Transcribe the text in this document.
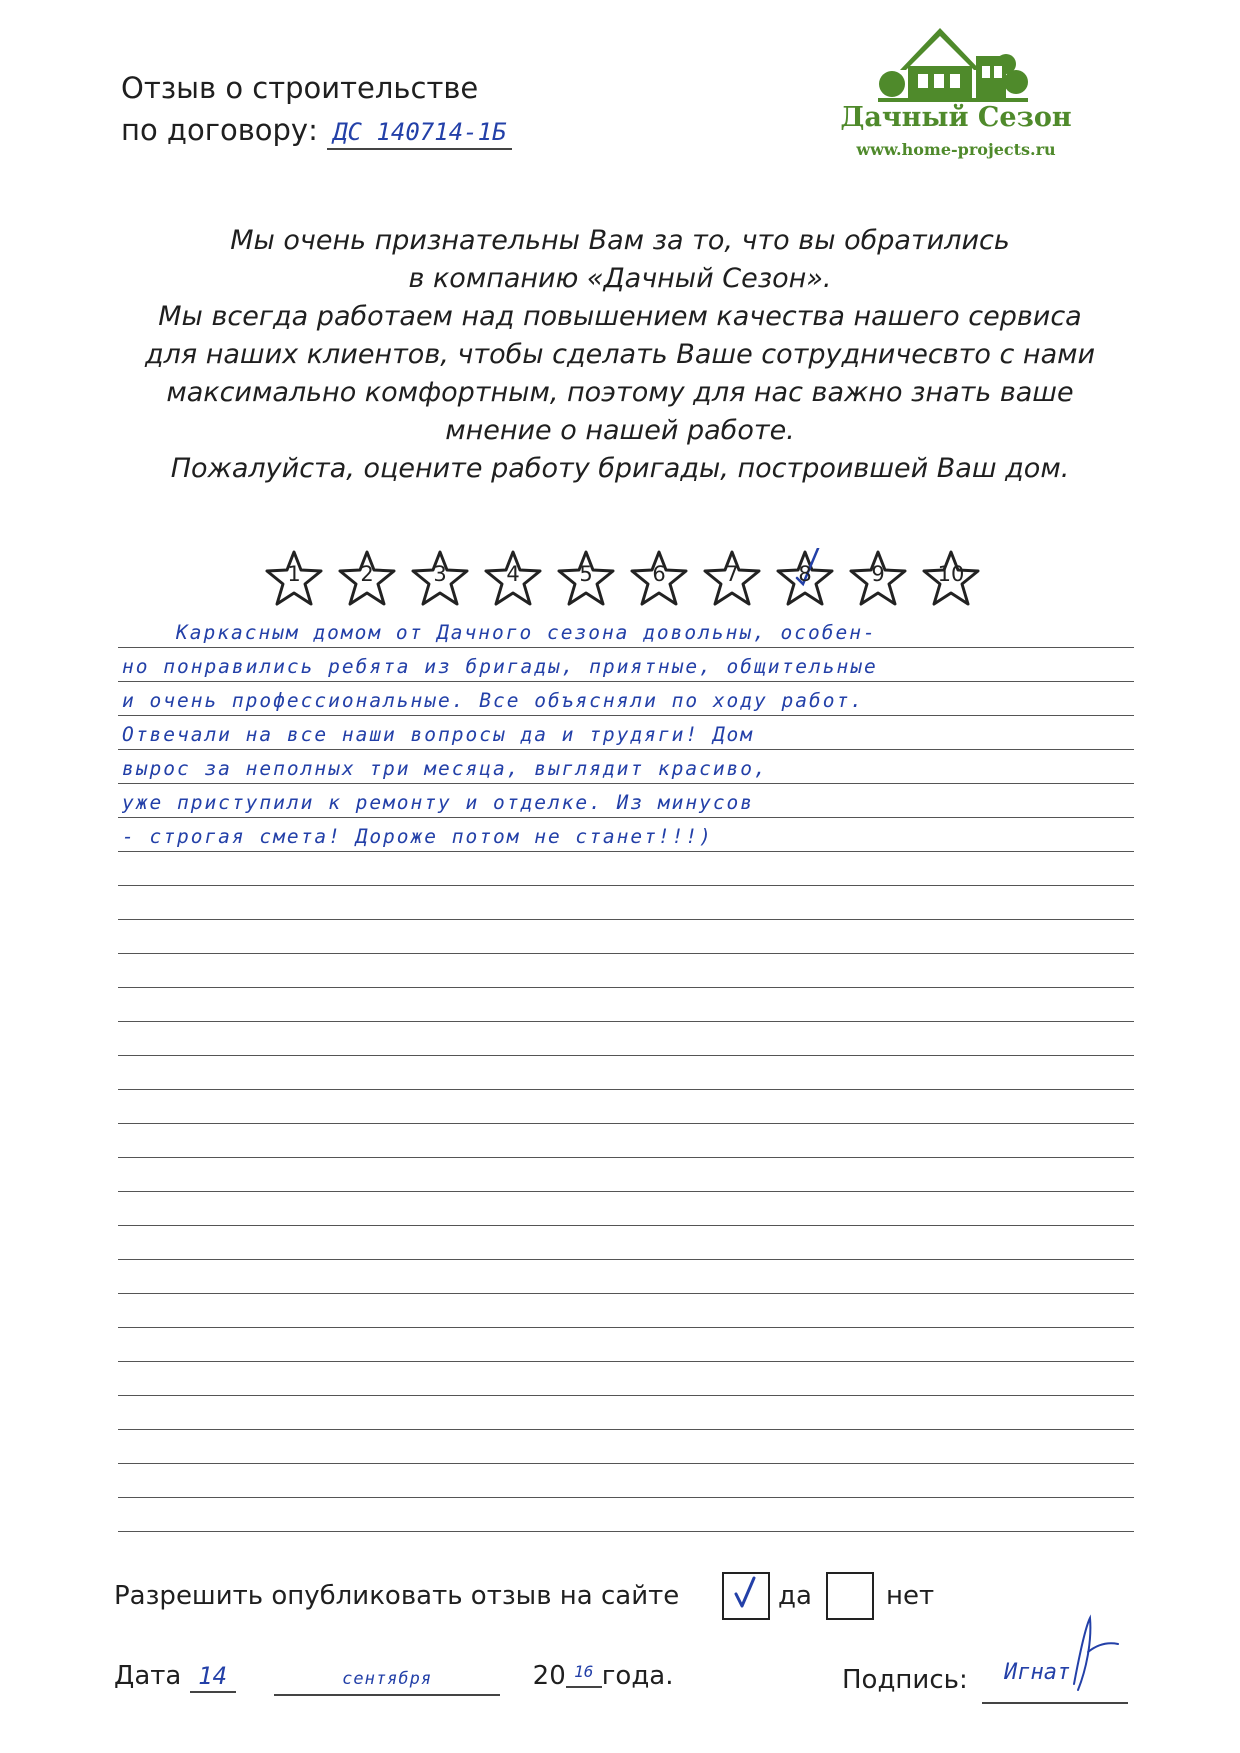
Отзыв о строительстве
по договору: ДС 140714-1Б	Дачный Сезон
www.home-projects.ru
Мы очень признательны Вам за то, что вы обратились
в компанию «Дачный Сезон».
Мы всегда работаем над повышением качества нашего сервиса
для наших клиентов, чтобы сделать Ваше сотрудничесвто с нами
максимально комфортным, поэтому для нас важно знать ваше
мнение о нашей работе.
Пожалуйста, оцените работу бригады, построившей Ваш дом.
1	2	3	4	5	6	7	8	9	10
Каркасным домом от Дачного сезона довольны, особен-
но понравились ребята из бригады, приятные, общительные
и очень профессиональные. Все объясняли по ходу работ.
Отвечали на все наши вопросы да и трудяги! Дом
вырос за неполных три месяца, выглядит красиво,
уже приступили к ремонту и отделке. Из минусов
- строгая смета! Дороже потом не станет!!!)
Разрешить опубликовать отзыв на сайте	да	нет
Дата 14	сентября	20 16 года.	Подпись: Игнат
